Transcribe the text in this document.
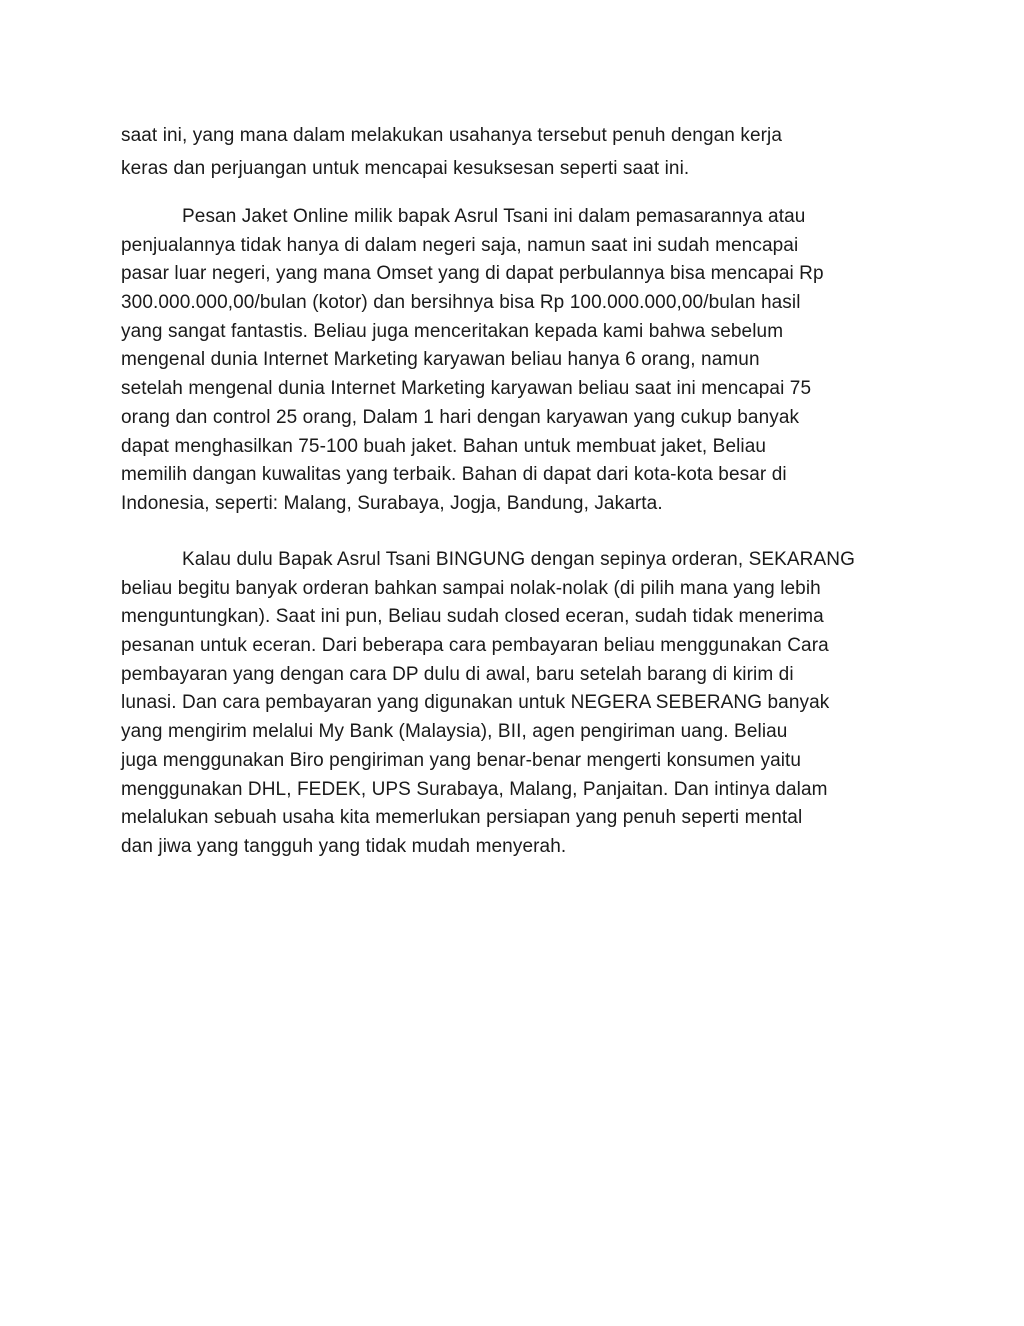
saat ini, yang mana dalam melakukan usahanya tersebut penuh dengan kerja
keras dan perjuangan untuk mencapai kesuksesan seperti saat ini.
Pesan Jaket Online milik bapak Asrul Tsani ini dalam pemasarannya atau
penjualannya tidak hanya di dalam negeri saja, namun saat ini sudah mencapai
pasar luar negeri, yang mana Omset yang di dapat perbulannya bisa mencapai Rp
300.000.000,00/bulan (kotor) dan bersihnya bisa Rp 100.000.000,00/bulan hasil
yang sangat fantastis. Beliau juga menceritakan kepada kami bahwa sebelum
mengenal dunia Internet Marketing karyawan beliau hanya 6 orang, namun
setelah mengenal dunia Internet Marketing karyawan beliau saat ini mencapai 75
orang dan control 25 orang, Dalam 1 hari dengan karyawan yang cukup banyak
dapat menghasilkan 75-100 buah jaket. Bahan untuk membuat jaket, Beliau
memilih dangan kuwalitas yang terbaik. Bahan di dapat dari kota-kota besar di
Indonesia, seperti: Malang, Surabaya, Jogja, Bandung, Jakarta.
Kalau dulu Bapak Asrul Tsani BINGUNG dengan sepinya orderan, SEKARANG
beliau begitu banyak orderan bahkan sampai nolak-nolak (di pilih mana yang lebih
menguntungkan). Saat ini pun, Beliau sudah closed eceran, sudah tidak menerima
pesanan untuk eceran. Dari beberapa cara pembayaran beliau menggunakan Cara
pembayaran yang dengan cara DP dulu di awal, baru setelah barang di kirim di
lunasi. Dan cara pembayaran yang digunakan untuk NEGERA SEBERANG banyak
yang mengirim melalui My Bank (Malaysia), BII, agen pengiriman uang. Beliau
juga menggunakan Biro pengiriman yang benar-benar mengerti konsumen yaitu
menggunakan DHL, FEDEK, UPS Surabaya, Malang, Panjaitan. Dan intinya dalam
melalukan sebuah usaha kita memerlukan persiapan yang penuh seperti mental
dan jiwa yang tangguh yang tidak mudah menyerah.
